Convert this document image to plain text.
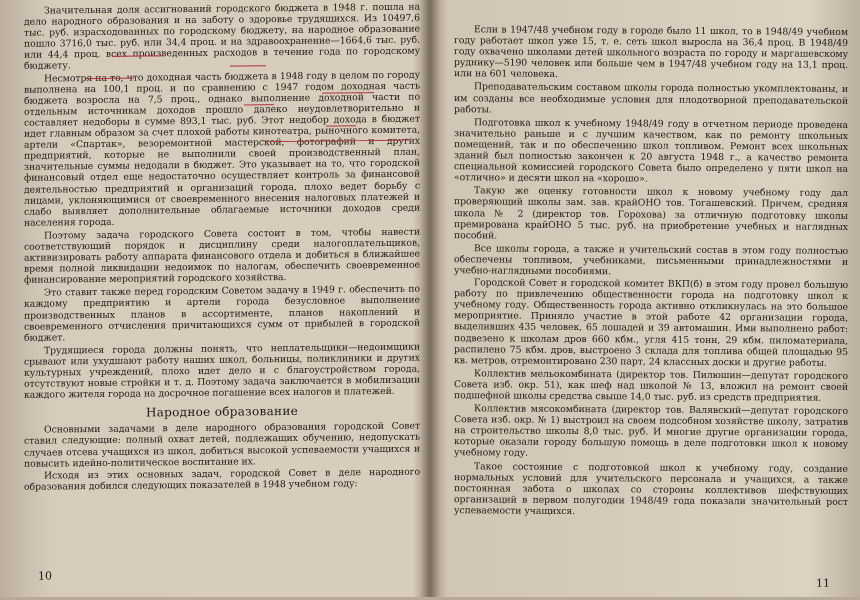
Значительная доля ассигнований городского бюджета в 1948 г. пошла на дело народного образования и на заботу о здоровье трудящихся. Из 10497,6 тыс. руб. израсходованных по городскому бюджету, на народное образование пошло 3716,0 тыс. руб. или 34,4 проц. и на здравоохранение—1664,6 тыс. руб. или 44,4 проц. всех произведенных расходов в течение года по городскому бюджету.

Несмотря на то, что доходная часть бюджета в 1948 году в целом по городу выполнена на 100,1 проц. и по сравнению с 1947 годом доходная часть бюджета возросла на 7,5 проц., однако выполнение доходной части по отдельным источникам доходов прошло далеко неудовлетворительно и составляет недоборы в сумме 893,1 тыс. руб. Этот недобор дохода в бюджет идет главным образом за счет плохой работы кинотеатра, рыночного комитета, артели «Спартак», везоремонтной мастерской, фотографий и других предприятий, которые не выполнили своей производственный план, значительные суммы недодали в бюджет. Это указывает на то, что городской финансовый отдел еще недостаточно осуществляет контроль за финансовой деятельностью предприятий и организаций города, плохо ведет борьбу с лицами, уклоняющимися от своевременного внесения налоговых платежей и слабо выявляет дополнительные облагаемые источники доходов среди населения города.

Поэтому задача городского Совета состоит в том, чтобы навести соответствующий порядок и дисциплину среди налогоплательщиков, активизировать работу аппарата финансового отдела и добиться в ближайшее время полной ликвидации недоимок по налогам, обеспечить своевременное финансирование мероприятий городского хозяйства.

Это ставит также перед городским Советом задачу в 1949 г. обеспечить по каждому предприятию и артели города безусловное выполнение производственных планов в ассортименте, планов накоплений и своевременного отчисления причитающихся сумм от прибылей в городской бюджет.

Трудящиеся города должны понять, что неплательщики—недоимщики срывают или ухудшают работу наших школ, больницы, поликлиники и других культурных учреждений, плохо идет дело и с благоустройством города, отсутствуют новые стройки и т. д. Поэтому задача заключается в мобилизации каждого жителя города на досрочное погашение всех налогов и платежей.

Народное образование

Основными задачами в деле народного образования городской Совет ставил следующие: полный охват детей, подлежащих обучению, недопускать случаев отсева учащихся из школ, добиться высокой успеваемости учащихся и повысить идейно-политическое воспитание их.

Исходя из этих основных задач, городской Совет в деле народного образования добился следующих показателей в 1948 учебном году:

10

Если в 1947/48 учебном году в городе было 11 школ, то в 1948/49 учебном году работает школ уже 15, т. е. сеть школ выросла на 36,4 проц. В 1948/49 году охвачено школами детей школьного возраста по городу и маргашевскому руднику—5190 человек или больше чем в 1947/48 учебном году на 13,1 проц. или на 601 человека.

Преподавательским составом школы города полностью укомплектованы, и им созданы все необходимые условия для плодотворной преподавательской работы.

Подготовка школ к учебному 1948/49 году в отчетном периоде проведена значительно раньше и с лучшим качеством, как по ремонту школьных помещений, так и по обеспечению школ топливом. Ремонт всех школьных зданий был полностью закончен к 20 августа 1948 г., а качество ремонта специальной комиссией городского Совета было определено у пяти школ на «отлично» и десяти школ на «хорошо».

Такую же оценку готовности школ к новому учебному году дал проверяющий школы зам. зав. крайОНО тов. Тогашевский. Причем, средняя школа № 2 (директор тов. Горохова) за отличную подготовку школы премирована крайОНО 5 тыс. руб. на приобретение учебных и наглядных пособий.

Все школы города, а также и учительский состав в этом году полностью обеспечены топливом, учебниками, письменными принадлежностями и учебно-наглядными пособиями.

Городской Совет и городской комитет ВКП(б) в этом году провел большую работу по привлечению общественности города на подготовку школ к учебному году. Общественность города активно откликнулась на это большое мероприятие. Приняло участие в этой работе 42 организации города, выделивших 435 человек, 65 лошадей и 39 автомашин. Ими выполнено работ: подвезено к школам дров 660 кбм., угля 415 тонн, 29 кбм. пиломатериала, распилено 75 кбм. дров, выстроено 3 склада для топлива общей площадью 95 кв. метров, отремонтировано 230 парт, 24 классных доски и другие работы.

Коллектив мельокомбината (директор тов. Пилюшин—депутат городского Совета изб. окр. 51), как шеф над школой № 13, вложил на ремонт своей подшефной школы средства свыше 14,0 тыс. руб. из средств предприятия.

Коллектив мясокомбината (директор тов. Валявский—депутат городского Совета изб. окр. № 1) выстроил на своем подсобном хозяйстве школу, затратив на строительство школы 8,0 тыс. руб. И многие другие организации города, которые оказали городу большую помощь в деле подготовки школ к новому учебному году.

Такое состояние с подготовкой школ к учебному году, создание нормальных условий для учительского персонала и учащихся, а также постоянная забота о школах со стороны коллективов шефствующих организаций в первом полугодии 1948/49 года показали значительный рост успеваемости учащихся.

11
